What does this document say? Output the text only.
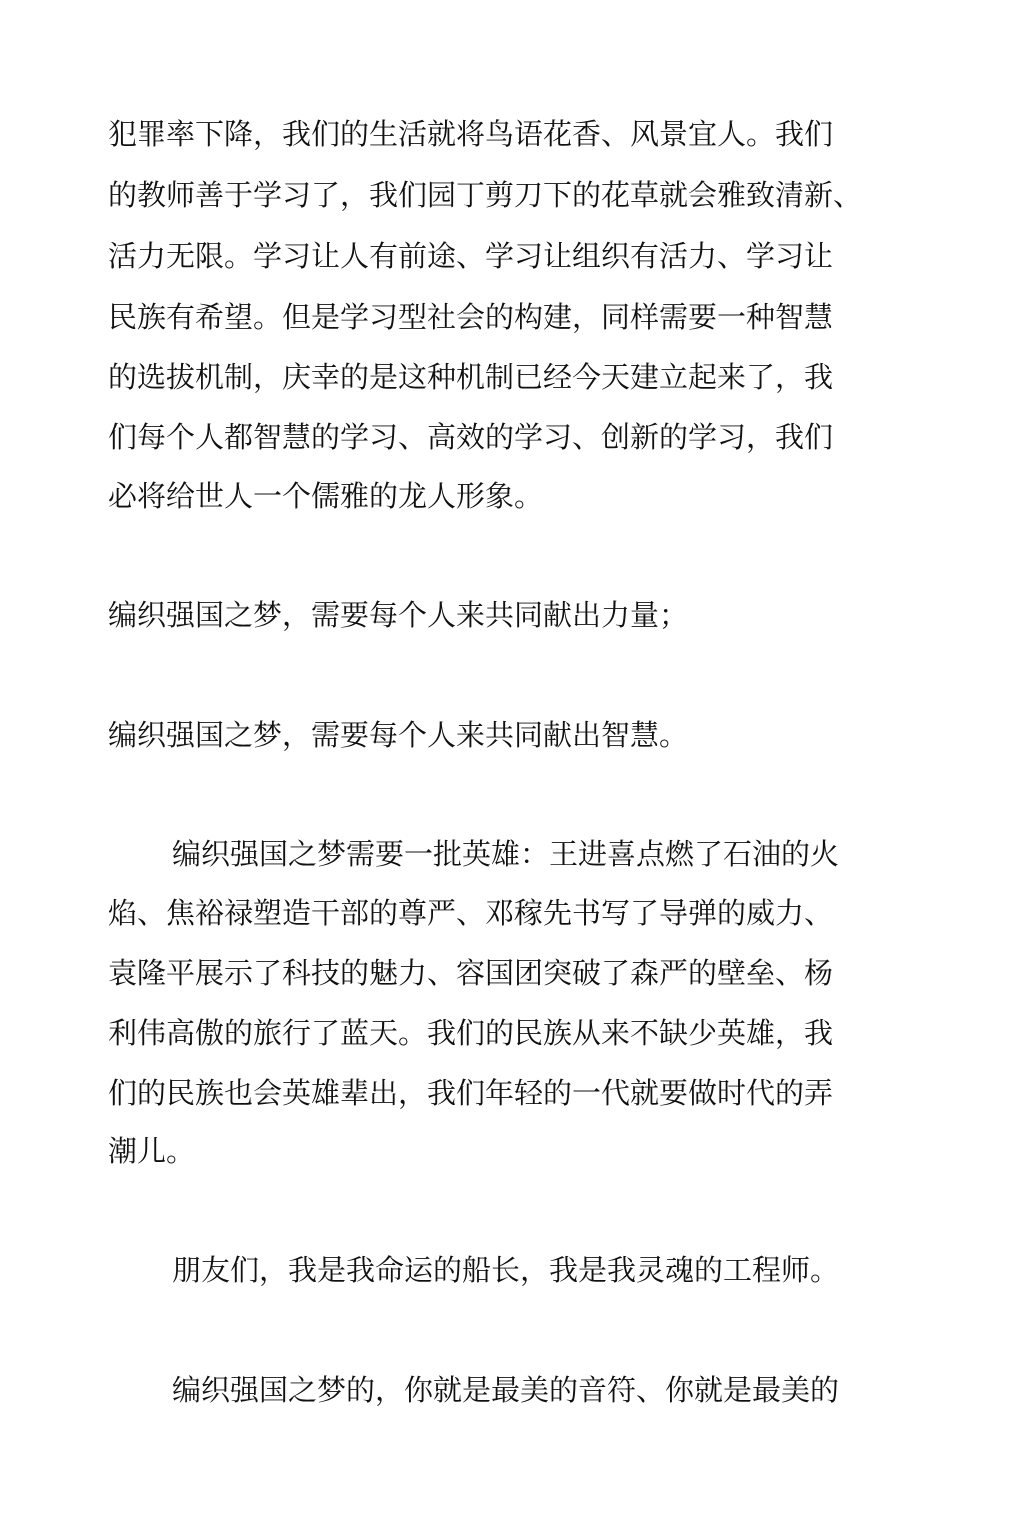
犯罪率下降，我们的生活就将鸟语花香、风景宜人。我们
的教师善于学习了，我们园丁剪刀下的花草就会雅致清新、
活力无限。学习让人有前途、学习让组织有活力、学习让
民族有希望。但是学习型社会的构建，同样需要一种智慧
的选拔机制，庆幸的是这种机制已经今天建立起来了，我
们每个人都智慧的学习、高效的学习、创新的学习，我们
必将给世人一个儒雅的龙人形象。
编织强国之梦，需要每个人来共同献出力量；
编织强国之梦，需要每个人来共同献出智慧。
编织强国之梦需要一批英雄：王进喜点燃了石油的火
焰、焦裕禄塑造干部的尊严、邓稼先书写了导弹的威力、
袁隆平展示了科技的魅力、容国团突破了森严的壁垒、杨
利伟高傲的旅行了蓝天。我们的民族从来不缺少英雄，我
们的民族也会英雄辈出，我们年轻的一代就要做时代的弄
潮儿。
朋友们，我是我命运的船长，我是我灵魂的工程师。
编织强国之梦的，你就是最美的音符、你就是最美的
